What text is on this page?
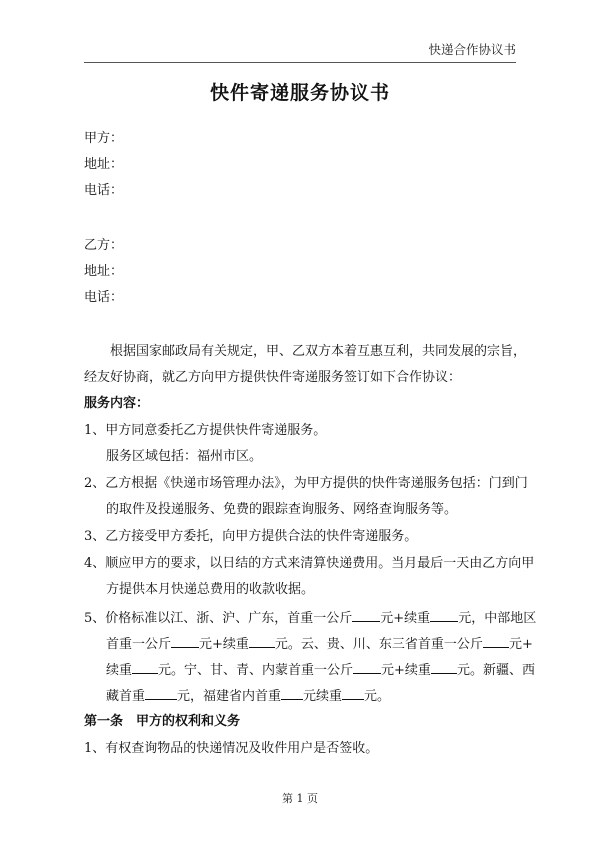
快递合作协议书
快件寄递服务协议书
甲方：
地址：
电话：
乙方：
地址：
电话：
根据国家邮政局有关规定，甲、乙双方本着互惠互利，共同发展的宗旨，
经友好协商，就乙方向甲方提供快件寄递服务签订如下合作协议：
服务内容：
1、甲方同意委托乙方提供快件寄递服务。
服务区域包括：福州市区。
2、乙方根据《快递市场管理办法》，为甲方提供的快件寄递服务包括：门到门
的取件及投递服务、免费的跟踪查询服务、网络查询服务等。
3、乙方接受甲方委托，向甲方提供合法的快件寄递服务。
4、顺应甲方的要求，以日结的方式来清算快递费用。当月最后一天由乙方向甲
方提供本月快递总费用的收款收据。
5、价格标准以江、浙、沪、广东，首重一公斤 元+续重 元，中部地区
首重一公斤 元+续重 元。云、贵、川、东三省首重一公斤 元+
续重 元。宁、甘、青、内蒙首重一公斤 元+续重 元。新疆、西
藏首重 元，福建省内首重 元续重 元。
第一条　甲方的权利和义务
1、有权查询物品的快递情况及收件用户是否签收。
第 1 页
